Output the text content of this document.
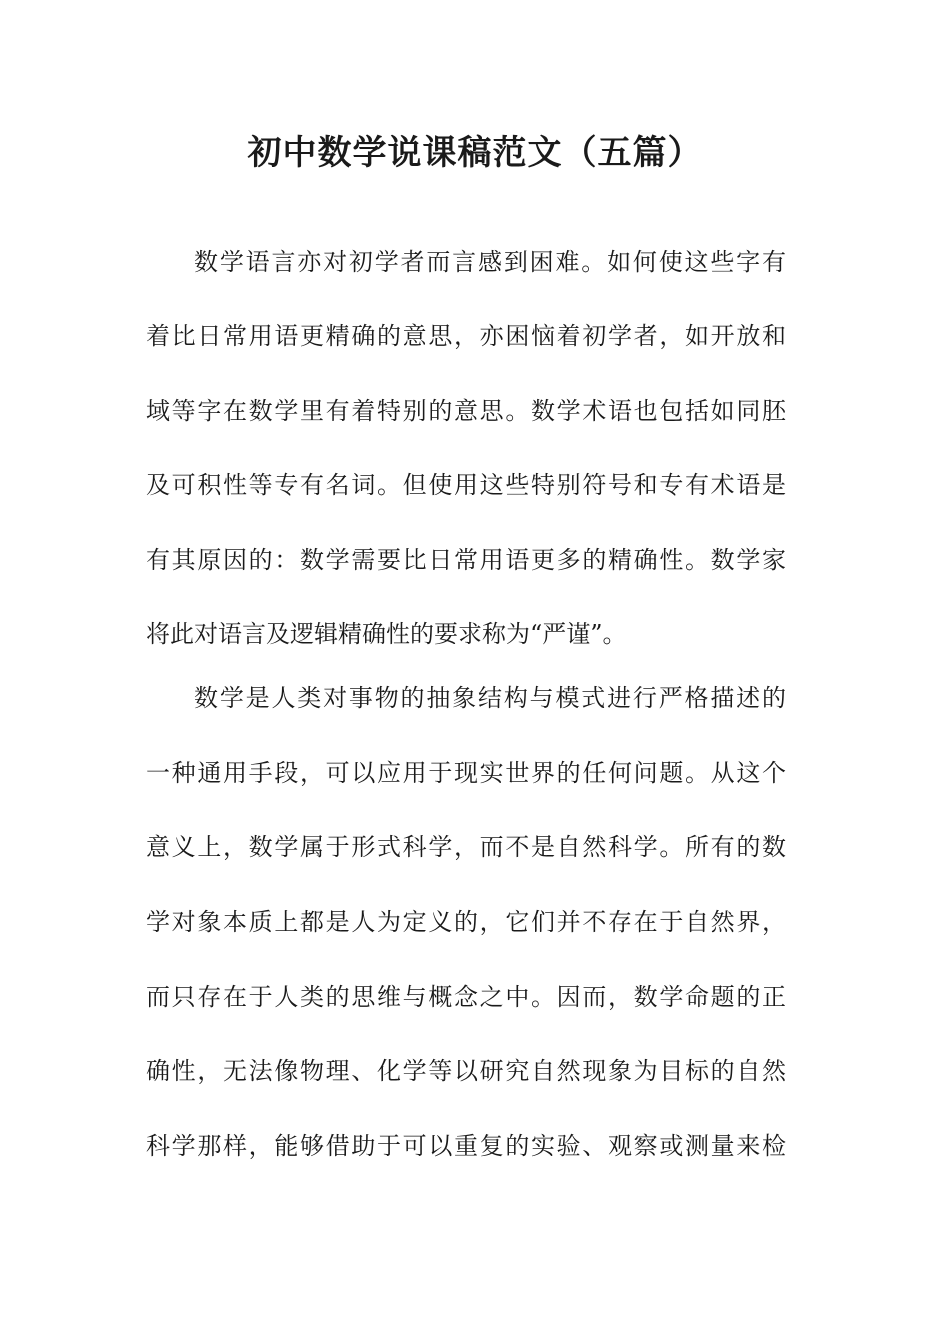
初中数学说课稿范文（五篇）

数学语言亦对初学者而言感到困难。如何使这些字有

着比日常用语更精确的意思，亦困恼着初学者，如开放和

域等字在数学里有着特别的意思。数学术语也包括如同胚

及可积性等专有名词。但使用这些特别符号和专有术语是

有其原因的：数学需要比日常用语更多的精确性。数学家

将此对语言及逻辑精确性的要求称为“严谨”。

数学是人类对事物的抽象结构与模式进行严格描述的

一种通用手段，可以应用于现实世界的任何问题。从这个

意义上，数学属于形式科学，而不是自然科学。所有的数

学对象本质上都是人为定义的，它们并不存在于自然界，

而只存在于人类的思维与概念之中。因而，数学命题的正

确性，无法像物理、化学等以研究自然现象为目标的自然

科学那样，能够借助于可以重复的实验、观察或测量来检
